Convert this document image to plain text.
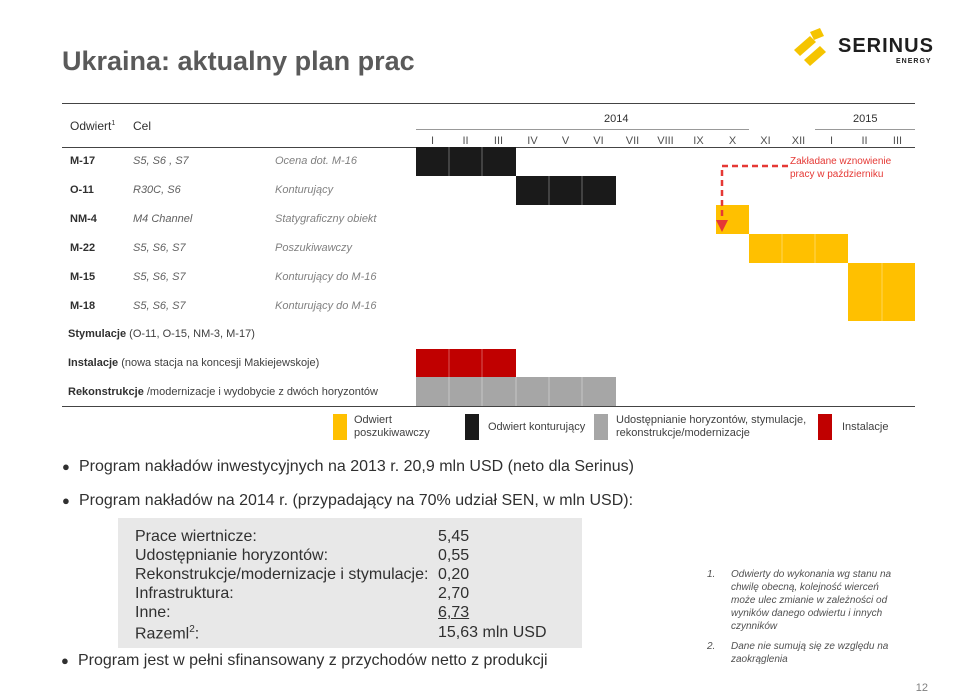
Ukraina: aktualny plan prac	SERINUS
ENERGY
Odwiert$^1$ Cel	2014	2015
I	II	III	IV	V	VI	VII	VIII	IX	X	XI	XII	I	II	III
M-17	S5, S6 , S7	Ocena dot. M-16
O-11	R30C, S6	Konturujący
NM-4	M4 Channel	Statygraficzny obiekt
M-22	S5, S6, S7	Poszukiwawczy
M-15	S5, S6, S7	Konturujący do M-16
M-18	S5, S6, S7	Konturujący do M-16
Stymulacje (O-11, O-15, NM-3, M-17)
Instalacje (nowa stacja na koncesji Makiejewskoje)
Rekonstrukcje /modernizacje i wydobycie z dwóch horyzontów
Zakładane wznowienie
pracy w październiku
Odwiert
poszukiwawczy	Odwiert konturujący
Udostępnianie horyzontów, stymulacje,
rekonstrukcje/modernizacje	Instalacje
● Program nakładów inwestycyjnych na 2013 r. 20,9 mln USD (neto dla Serinus)
● Program nakładów na 2014 r. (przypadający na 70% udział SEN, w mln USD):
Prace wiertnicze:	5,45
Udostępnianie horyzontów:	0,55
Rekonstrukcje/modernizacje i stymulacje: 0,20
Infrastruktura:	2,70
Inne:	6,73
Razeml$^2$:	15,63 mln USD
● Program jest w pełni sfinansowany z przychodów netto z produkcji
1. Odwierty do wykonania wg stanu na
chwilę obecną, kolejność wierceń
może ulec zmianie w zależności od
wyników danego odwiertu i innych
czynników
2. Dane nie sumują się ze względu na
zaokrąglenia
12
